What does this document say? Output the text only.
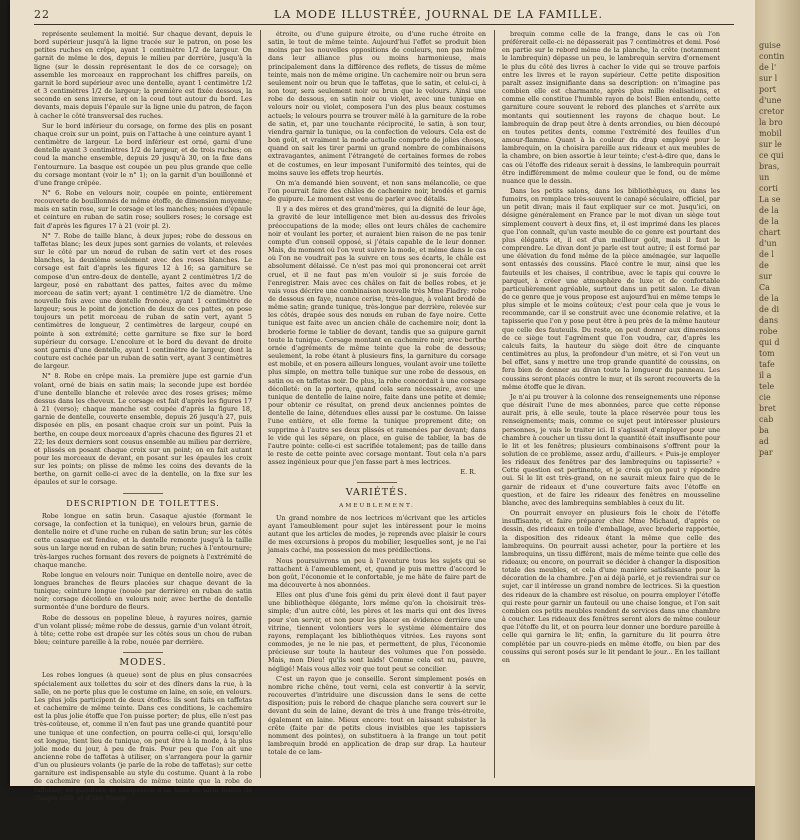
22	LA MODE ILLUSTRÉE, JOURNAL DE LA FAMILLE.

représente seulement la moitié. Sur chaque devant, depuis le bord supérieur jusqu'à la ligne tracée sur le patron, on pose les petites ruches en crêpe, ayant 1 centimètre 1/2 de largeur. On garnit de même le dos, depuis le milieu par derrière, jusqu'à la ligne (sur le dessin représentant le dos de ce corsage); on assemble les morceaux en rapprochant les chiffres pareils, on garnit le bord supérieur avec une dentelle, ayant 1 centimètre 1/2 et 3 centimètres 1/2 de largeur; la première est fixée dessous, la seconde en sens inverse, et on la coud tout autour du bord. Les devants, mais depuis l'épaule sur la ligne unie du patron, de façon à cacher le côté transversal des ruches.

Sur le bord inférieur du corsage, on forme des plis en posant chaque croix sur un point, puis on l'attache à une ceinture ayant 1 centimètre de largeur. Le bord inférieur est orné, garni d'une dentelle ayant 3 centimètres 1/2 de largeur, et de trois ruches; on coud la manche ensemble, depuis 29 jusqu'à 30, on la fixe dans l'entournure. La basque est coupée un peu plus grande que celle du corsage montant (voir le n° 1); on la garnit d'un bouillonné et d'une frange crêpée.

N° 6. Robe en velours noir, coupée en pointe, entièrement recouverte de bouillonnés de même étoffe, de dimension moyenne; mais en satin rose, sur le corsage et les manches; nouées d'épaule et ceinture en ruban de satin rose; souliers roses; le corsage est fait d'après les figures 17 à 21 (voir pl. 2).

N° 7. Robe de taille blanc, à deux jupes; robe de dessous en taffetas blanc; les deux jupes sont garnies de volants, et relevées sur le côté par un nœud de ruban de satin vert et des roses blanches, la deuxième seulement avec des roses blanches. Le corsage est fait d'après les figures 12 à 16; sa garniture se compose d'un entre-deux de dentelle, ayant 2 centimètres 1/2 de largeur, posé en rabattant des pattes, faites avec du même morceau de satin vert; ayant 1 centimètre 1/2 de diamètre. Une nouvelle fois avec une dentelle froncée, ayant 1 centimètre de largeur; sous le point de jonction de deux de ces pattes, on pose toujours un petit morceau de ruban de satin vert, ayant 5 centimètres de longueur, 2 centimètres de largeur, coupé en pointe à son extrémité; cette garniture se fixe sur le bord supérieur du corsage. L'encolure et le bord du devant de droite sont garnis d'une dentelle, ayant 1 centimètre de largeur, dont la couture est cachée par un ruban de satin vert, ayant 3 centimètres de largeur.

N° 8. Robe en crêpe mais. La première jupe est garnie d'un volant, orné de biais en satin mais; la seconde jupe est bordée d'une dentelle blanche et relevée avec des roses grises; même dessus dans les cheveux. Le corsage est fait d'après les figures 17 à 21 (verso); chaque manche est coupée d'après la figure 18, garnie de dentelle, couverte ensemble, depuis 26 jusqu'à 27, puis disposée en plis, en posant chaque croix sur un point. Puis la berthe, en coupe deux morceaux d'après chacune des figures 21 et 22; les deux derniers sont cousus ensemble au milieu par derrière, et plissés en posant chaque croix sur un point; on en fait autant pour les morceaux de devant, en posant sur les épaules les croix sur les points; on plisse de même les coins des devants de la berthe, on garnit celle-ci avec de la dentelle, on la fixe sur les épaules et sur le corsage.

DESCRIPTION DE TOILETTES.

Robe longue en satin brun. Casaque ajustée (formant le corsage, la confection et la tunique), en velours brun, garnie de dentelle noire et d'une ruche en ruban de satin brun; sur les côtés cette casaque est fendue, et la dentelle remonte jusqu'à la taille sous un large nœud en ruban de satin brun; ruches à l'entournure; très-larges ruches formant des revers de poignets à l'extrémité de chaque manche.

Robe longue en velours noir. Tunique en dentelle noire, avec de longues branches de fleurs placées sur chaque devant de la tunique; ceinture longue (nouée par derrière) en ruban de satin noir; corsage décolleté en velours noir, avec berthe de dentelle surmontée d'une bordure de fleurs.

Robe de dessous en popeline bleue, à rayures noires, garnie d'un volant plissé; même robe de dessus, garnie d'un volant étroit, à tête; cette robe est drapée sur les côtés sous un chou de ruban bleu; ceinture pareille à la robe, nouée par derrière.

MODES.

Les robes longues (à queue) sont de plus en plus consacrées spécialement aux toilettes du soir et des dîners dans la rue, à la salle, on ne porte plus que le costume en laine, en soie, en velours. Les plus jolis participent de deux étoffes: ils sont faits en taffetas et cachemire de même teinte. Dans ces conditions, le cachemire est la plus jolie étoffe que l'on puisse porter; de plus, elle n'est pas très-coûteuse, et, comme il n'en faut pas une grande quantité pour une tunique et une confection, on pourra celle-ci qui, lorsqu'elle est longue, tient lieu de tunique, on peut être à la mode, à la plus jolie mode du jour, à peu de frais. Pour peu que l'on ait une ancienne robe de taffetas à utiliser, on s'arrangera pour la garnir d'un ou plusieurs volants (je parle de la robe de taffetas); sur cette garniture est indispensable au style du costume. Quant à la robe de cachemire (on la choisira de même teinte que la robe de taffetas); sa garniture se composera d'un biais de satin lisière de chaque côté, et d'une frange

étroite, ou d'une guipure étroite, ou d'une ruche étroite en satin, le tout de même teinte. Aujourd'hui l'effet se produit bien moins par les nouvelles oppositions de couleurs, non pas même dans leur alliance plus ou moins harmonieuse, mais principalement dans la différence des reflets, de tissus de même teinte, mais non de même origine. Un cachemire noir ou brun sera seulement noir ou brun que le taffetas, que le satin, et celui-ci, à son tour, sera seulement noir ou brun que le velours. Ainsi une robe de dessous, en satin noir ou violet, avec une tunique en velours noir ou violet, composera l'un des plus beaux costumes actuels; le velours pourra se trouver mêlé à la garniture de la robe de satin, et, par une touchante réciprocité, le satin, à son tour, viendra garnir la tunique, ou la confection de velours. Cela est de bon goût, et vraiment la mode actuelle comporte de jolies choses, quand on sait les tirer parmi un grand nombre de combinaisons extravagantes, animent l'étrangeté de certaines formes de robes et de costumes, en leur imposant l'uniformité des teintes, qui de moins sauve les effets trop heurtés.

On m'a demandé bien souvent, et non sans mélancolie, ce que l'on pourrait faire des châles de cachemire noir, brodés et garnis de guipure. Le moment est venu de parler avec détails.

Il y a des mères et des grand'mères, qui la dignité de leur âge, la gravité de leur intelligence met bien au-dessus des frivoles préoccupations de la mode; elles ont leurs châles de cachemire noir et voulant les porter, et auraient bien raison de ne pas tenir compte d'un conseil opposé, si j'étais capable de le leur donner. Mais, du moment où l'on veut suivre la mode, et même dans le cas où l'on ne voudrait pas la suivre en tous ses écarts, le châle est absolument délaissé. Ce n'est pas moi qui prononcerai cet arrêt cruel, et il ne faut pas m'en vouloir si je suis forcée de l'enregistrer. Mais avec ces châles on fait de belles robes, et je vais vous décrire une combinaison nouvelle très Mme Fladry: robe de dessous en faye, nuance cerise, très-longue, à volant brodé de même satin; grande tunique, très-longue par derrière, relevée sur les côtés, drapée sous des nœuds en ruban de faye noire. Cette tunique est faite avec un ancien châle de cachemire noir, dont la broderie forme le tablier de devant, tandis que sa guipure garnit toute la tunique. Corsage montant en cachemire noir, avec berthe ornée d'agréments de même teinte que la robe de dessous; seulement, la robe étant à plusieurs fins, la garniture du corsage est mobile, et en posera ailleurs longues, voulant avoir une toilette plus simple, on mettra telle tunique sur une robe de dessous, en satin ou en taffetas noir. De plus, la robe concordait à une corsage décolleté: on la portera, quand cela sera nécessaire, avec une tunique de dentelle de laine noire, faite dans une petite et demie; pour obtenir ce résultat, on prend deux anciennes pointes de dentelle de laine, détendues elles aussi par le costume. On laisse l'une entière, et elle forme la tunique proprement dite; on supprime à l'autre ses deux plissés et ramenées par devant; dans le vide qui les sépare, on place, en guise de tablier, la bas de l'autre pointe: celle-ci est sacrifiée totalement; pas de taille dans le reste de cette pointe avec corsage montant. Tout cela n'a pars assez ingénieux pour que j'en fasse part à mes lectrices.

E. R.
VARIÉTÉS.
AMEUBLEMENT.

Un grand nombre de nos lectrices m'écrivant que les articles ayant l'ameublement pour sujet les intéressent pour le moins autant que les articles de modes, je reprends avec plaisir le cours de mes excursions à propos du mobilier, lesquelles sont, je ne l'ai jamais caché, ma possession de mes prédilections.

Nous poursuivrons un peu à l'aventure tous les sujets qui se rattachent à l'ameublement, et, quand je puis mettre d'accord le bon goût, l'économie et le confortable, je me hâte de faire part de ma découverte à nos abonnées.

Elles ont plus d'une fois gémi du prix élevé dont il faut payer une bibliothèque élégante, lors même qu'on la choisirait très-simple; d'un autre côté, les pères et les maris qui ont des livres pour s'en servir, et non pour les placer en évidence derrière une vitrine, tiennent volontiers vers le système élémentaire des rayons, remplaçant les bibliothèques vitrées. Les rayons sont commodes, je ne le nie pas, et permettent, de plus, l'économie précieuse sur toute la hauteur des volumes que l'on possède. Mais, mon Dieu! qu'ils sont laids! Comme cela est nu, pauvre, négligé! Mais vous allez voir que tout peut se concilier.

C'est un rayon que je conseille. Seront simplement posés en nombre riche chêne, tout verni, cela est convertir à la servir, recouvertes d'intriduire une discussion dans le sens de cette disposition; puis le rebord de chaque planche sera couvert sur le devant du sein de laine, devant de très à une frange très-étroite, également en laine. Mieux encore: tout en laissant subsister la crête (faite par de petits clous invisibles que les tapissiers nomment des pointes), on substituera à la frange un tout petit lambrequin brodé en application de drap sur drap. La hauteur totale de ce lam-

brequin comme celle de la frange, dans le cas où l'on préférerait celle-ci: ne dépasserait pas 7 centimètres et demi. Posé en partie sur le rebord même de la planche, la crête (notamment le lambrequin) dépasse un peu, le lambrequin servira d'ornement le plus du côté des livres à cacher le vide qui se trouve parfois entre les livres et le rayon supérieur. Cette petite disposition paraît assez insignifiante dans sa description: on n'imagine pas combien elle est charmante, après plus mille réalisations, et comme elle constitue l'humble rayon de bois! Bien entendu, cette garniture coure souvent le rebord des planches et s'arrête aux montants qui soutiennent les rayons de chaque bout. Le lambrequin de drap peut être à dents arrondies, ou bien découpé en toutes petites dents, comme l'extrémité des feuilles d'un amour-flamme. Quant à la couleur du drap employé pour le lambrequin, on la choisira pareille aux rideaux et aux meubles de la chambre, on bien assortie à leur teinte; c'est-à-dire que, dans le cas où l'étoffe des rideaux serait à dessins, le lambrequin pourrait être indifféremment de même couleur que le fond, ou de même nuance que le dessin.

Dans les petits salons, dans les bibliothèques, ou dans les fumoirs, on remplace très-souvent le canapé séculaire, officiel, par un petit divan; mais il faut expliquer sur ce mot. Jusqu'ici, on désigne généralement en France par le mot divan un siège tout simplement couvert à deux fins, et, il est imprimé dans les places que l'on connaît, qu'un vaste meuble de ce genre est pourtant des plus élégants et, il est d'un meilleur goût, mais il faut le comprendre. Le divan dont je parle est tout autre; il est formé par une élévation du fond même de la pièce aménagée, sur laquelle sont entassés des coussins. Placé contre le mur, ainsi que les fauteuils et les chaises, il contribue, avec le tapis qui couvre le parquet, à créer une atmosphère de luxe et de confortable particulièrement agréable, surtout dans un petit salon. Le divan de ce genre que je vous propose est aujourd'hui en même temps le plus simple et le moins coûteux; c'est pour cela que je vous le recommande, car il se construit avec une économie relative, et la tapisserie que l'on y pose peut être à peu près de la même hauteur que celle des fauteuils. Du reste, on peut donner aux dimensions de ce siège tout l'agrément que l'on voudra, car, d'après les calculs faits, la hauteur du siège doit être de cinquante centimètres au plus, la profondeur d'un mètre, et si l'on veut un bel effet, sans y mettre une trop grande quantité de coussins, on fera bien de donner au divan toute la longueur du panneau. Les coussins seront placés contre le mur, et ils seront recouverts de la même étoffe que le divan.

Je n'ai pu trouver à la colonne des renseignements une réponse que désirait l'une de mes abonnées, parce que cette réponse aurait pris, à elle seule, toute la place réservée pour tous les renseignements; mais, comme ce sujet peut intéresser plusieurs personnes, je vais le traiter ici. Il s'agissait d'employer pour une chambre à coucher un tissu dont la quantité était insuffisante pour le lit et les fenêtres; plusieurs combinaisons s'offrent pour la solution de ce problème, assez ardu, d'ailleurs. « Puis-je employer les rideaux des fenêtres par des lambrequins ou tapisserie? » Cette question est pertinente, et je crois qu'on peut y répondre oui. Si le lit est très-grand, on ne saurait mieux faire que de le garnir de rideaux et d'une couverture faits avec l'étoffe en question, et de faire les rideaux des fenêtres en mousseline blanche, avec des lambrequins semblables à ceux du lit.

On pourrait envoyer en plusieurs fois le choix de l'étoffe insuffisante, et faire préparer chez Mme Michaud, d'après ce dessin, des rideaux en toile d'emballage, avec broderie rapportée, la disposition des rideaux étant la même que celle des lambrequins. On pourrait aussi acheter, pour la portière et les lambrequins, un tissu différent, mais de même teinte que celle des rideaux; ou encore, on pourrait se décider à changer la disposition totale des meubles, et cela d'une manière satisfaisante pour la décoration de la chambre. J'en ai déjà parlé, et je reviendrai sur ce sujet, car il intéresse un grand nombre de lectrices. Si la question des rideaux de la chambre est résolue, on pourra employer l'étoffe qui reste pour garnir un fauteuil ou une chaise longue, et l'on sait combien ces petits meubles rendent de services dans une chambre à coucher. Les rideaux des fenêtres seront alors de même couleur que l'étoffe du lit, et on pourra leur donner une bordure pareille à celle qui garnira le lit; enfin, la garniture du lit pourra être complétée par un couvre-pieds en même étoffe, ou bien par des coussins qui seront posés sur le lit pendant le jour... En les taillant en

guise
contin
de l'
sur l
port
d'une
cretor
la bro
mobil
sur le
ce qui
bras,
un
corti
La se
de la
de la
chart
d'un
de l
de
sur
Ca
de la
de di
dans
robe
qui d
tom
tafe
il a
tele
cie
bret
cab
ba
ad
par
